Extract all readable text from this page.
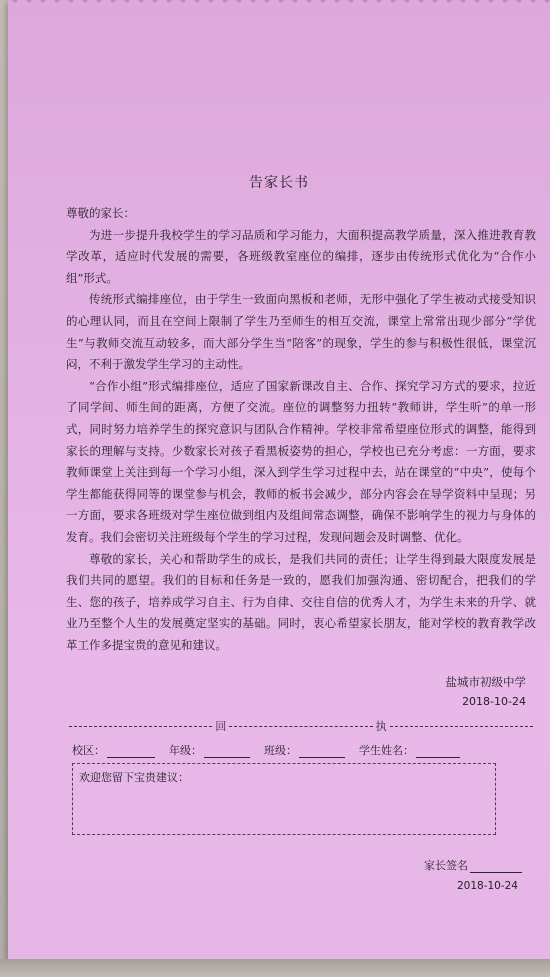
告家长书

尊敬的家长：

为进一步提升我校学生的学习品质和学习能力，大面积提高教学质量，深入推进教育教学改革，适应时代发展的需要，各班级教室座位的编排，逐步由传统形式优化为“合作小组”形式。

传统形式编排座位，由于学生一致面向黑板和老师，无形中强化了学生被动式接受知识的心理认同，而且在空间上限制了学生乃至师生的相互交流，课堂上常常出现少部分“学优生”与教师交流互动较多，而大部分学生当“陪客”的现象，学生的参与积极性很低，课堂沉闷，不利于激发学生学习的主动性。

“合作小组”形式编排座位，适应了国家新课改自主、合作、探究学习方式的要求，拉近了同学间、师生间的距离，方便了交流。座位的调整努力扭转“教师讲，学生听”的单一形式，同时努力培养学生的探究意识与团队合作精神。学校非常希望座位形式的调整，能得到家长的理解与支持。少数家长对孩子看黑板姿势的担心，学校也已充分考虑：一方面，要求教师课堂上关注到每一个学习小组，深入到学生学习过程中去，站在课堂的“中央”，使每个学生都能获得同等的课堂参与机会，教师的板书会减少，部分内容会在导学资料中呈现；另一方面，要求各班级对学生座位做到组内及组间常态调整，确保不影响学生的视力与身体的发育。我们会密切关注班级每个学生的学习过程，发现问题会及时调整、优化。

尊敬的家长，关心和帮助学生的成长，是我们共同的责任；让学生得到最大限度发展是我们共同的愿望。我们的目标和任务是一致的，愿我们加强沟通、密切配合，把我们的学生、您的孩子，培养成学习自主、行为自律、交往自信的优秀人才，为学生未来的升学、就业乃至整个人生的发展奠定坚实的基础。同时，衷心希望家长朋友，能对学校的教育教学改革工作多提宝贵的意见和建议。

盐城市初级中学
2018-10-24
回	执
校区：	年级：	班级：	学生姓名：
欢迎您留下宝贵建议：
家长签名
2018-10-24
